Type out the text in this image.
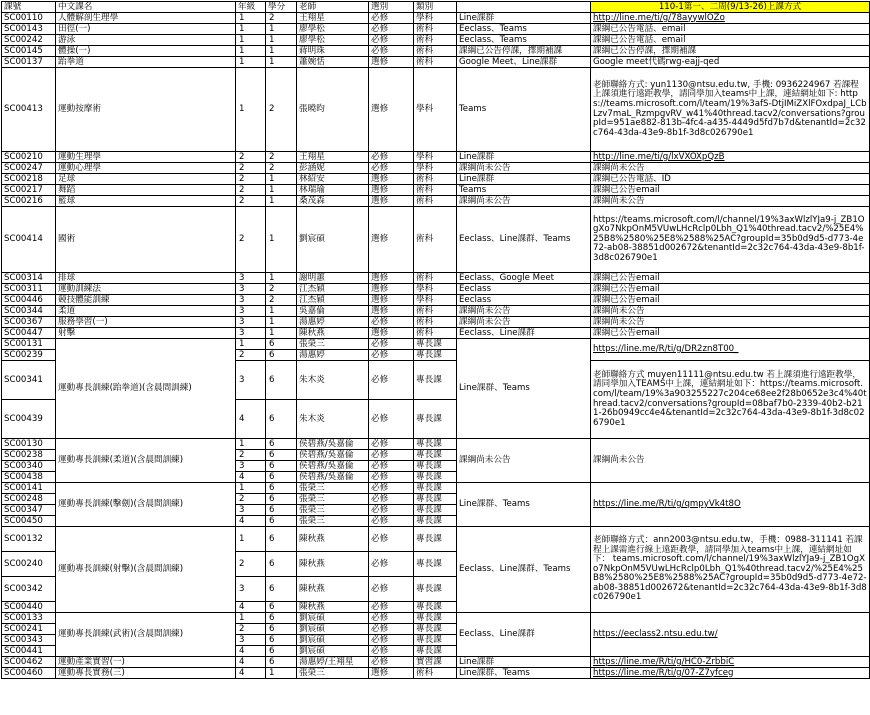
課號	中文課名	年級	學分	老師	選別	類別		110-1第一、二周(9/13-26)上課方式
SC00110	人體解剖生理學	1	2	王翔星	必修	學科	Line課群	http://line.me/ti/g/78ayywlOZo
SC00143	田徑(一)	1	1	廖學松	必修	術科	Eeclass、Teams	課綱已公告電話、email
SC00242	游泳	1	1	廖學松	必修	術科	Eeclass、Teams	課綱已公告電話、email
SC00145	體操(一)	1	1	蔣明珠	必修	術科	課綱已公告停課，擇期補課	課綱已公告停課，擇期補課
SC00137	跆拳道	1	1	蕭婉恬	選修	術科	Google Meet、Line課群	Google meet代碼rwg-eajj-qed
SC00413	運動按摩術	1	2	張曉昀	選修	學科	Teams	老師聯絡方式: yun1130@ntsu.edu.tw, 手機: 0936224967 若課程上課須進行遠距教學，請同學加入teams中上課，連結網址如下: https://teams.microsoft.com/l/team/19%3afS-DtjIMiZXlFOxdpaJ_LCbLzv7maL_RzmpgvRV_w41%40thread.tacv2/conversations?groupId=951ae882-813b-4fc4-a435-4449d5fd7b7d&tenantId=2c32c764-43da-43e9-8b1f-3d8c026790e1
SC00210	運動生理學	2	2	王翔星	必修	學科	Line課群	http://line.me/ti/g/lxVXOXpQzB
SC00247	運動心理學	2	2	彭涵妮	必修	學科	課綱尚未公告	課綱尚未公告
SC00218	足球	2	1	林紹安	選修	術科	Line課群	課綱已公告電話、ID
SC00217	舞蹈	2	1	林瑞瑜	選修	術科	Teams	課綱已公告email
SC00216	籃球	2	1	桑茂森	選修	術科	課綱尚未公告	課綱尚未公告
SC00414	國術	2	1	劉宸碩	選修	術科	Eeclass、Line課群、Teams	https://teams.microsoft.com/l/channel/19%3axWlzlYJa9-j_ZB1OgXo7NkpOnM5VUwLHcRclp0Lbh_Q1%40thread.tacv2/%25E4%25B8%2580%25E8%2588%25AC?groupId=35b0d9d5-d773-4e72-ab08-38851d002672&tenantId=2c32c764-43da-43e9-8b1f-3d8c026790e1
SC00314	排球	3	1	謝明蕙	選修	術科	Eeclass、Google Meet	課綱已公告email
SC00311	運動訓練法	3	2	江杰穎	選修	學科	Eeclass	課綱已公告email
SC00446	競技體能訓練	3	2	江杰穎	選修	學科	Eeclass	課綱已公告email
SC00344	柔道	3	1	吳嘉倫	選修	術科	課綱尚未公告	課綱尚未公告
SC00367	服務學習(一)	3	1	湯惠婷	必修	術科	課綱尚未公告	課綱尚未公告
SC00447	射擊	3	1	陳秋燕	選修	術科	Eeclass、Line課群	課綱已公告email
SC00131	運動專長訓練(跆拳道)(含晨間訓練)	1	6	張榮三	必修	專長課	Line課群、Teams	https://line.me/R/ti/g/DR2zn8T00_
SC00239		2	6	湯惠婷	必修	專長課		
SC00341		3	6	朱木炎	必修	專長課		老師聯絡方式 muyen11111@ntsu.edu.tw 若上課須進行遠距教學，請同學加入TEAMS中上課，連結網址如下：https://teams.microsoft.com/l/team/19%3a903255227c204ce68ee2f28b0652e3c4%40thread.tacv2/conversations?groupId=08baf7b0-2339-40b2-b211-26b0949cc4e4&tenantId=2c32c764-43da-43e9-8b1f-3d8c026790e1
SC00439		4	6	朱木炎	必修	專長課		
SC00130	運動專長訓練(柔道)(含晨間訓練)	1	6	侯碧燕/吳嘉倫	必修	專長課	課綱尚未公告	課綱尚未公告
SC00238		2	6	侯碧燕/吳嘉倫	必修	專長課		
SC00340		3	6	侯碧燕/吳嘉倫	必修	專長課		
SC00438		4	6	侯碧燕/吳嘉倫	必修	專長課		
SC00141	運動專長訓練(擊劍)(含晨間訓練)	1	6	張榮三	必修	專長課	Line課群、Teams	https://line.me/R/ti/g/qmpyVk4t8O
SC00248		2	6	張榮三	必修	專長課		
SC00347		3	6	張榮三	必修	專長課		
SC00450		4	6	張榮三	必修	專長課		
SC00132	運動專長訓練(射擊)(含晨間訓練)	1	6	陳秋燕	必修	專長課	Eeclass、Line課群、Teams	老師聯絡方式：ann2003@ntsu.edu.tw，手機：0988-311141 若課程上課需進行線上遠距教學，請同學加入teams中上課，連結網址如下： teams.microsoft.com/l/channel/19%3axWlzlYJa9-j_ZB1OgXo7NkpOnM5VUwLHcRclp0Lbh_Q1%40thread.tacv2/%25E4%25B8%2580%25E8%2588%25AC?groupId=35b0d9d5-d773-4e72-ab08-38851d002672&tenantId=2c32c764-43da-43e9-8b1f-3d8c026790e1
SC00240		2	6	陳秋燕	必修	專長課		
SC00342		3	6	陳秋燕	必修	專長課		
SC00440		4	6	陳秋燕	必修	專長課		
SC00133	運動專長訓練(武術)(含晨間訓練)	1	6	劉宸碩	必修	專長課	Eeclass、Line課群	https://eeclass2.ntsu.edu.tw/
SC00241		2	6	劉宸碩	必修	專長課		
SC00343		3	6	劉宸碩	必修	專長課		
SC00441		4	6	劉宸碩	必修	專長課		
SC00462	運動產業實習(一)	4	6	湯惠婷/王翔星	必修	實習課	Line課群	https://line.me/R/ti/g/HC0-ZrbbiC
SC00460	運動專長實務(三)	4	1	張榮三	選修	術科	Line課群、Teams	https://line.me/R/ti/g/07-Z7yfceg
